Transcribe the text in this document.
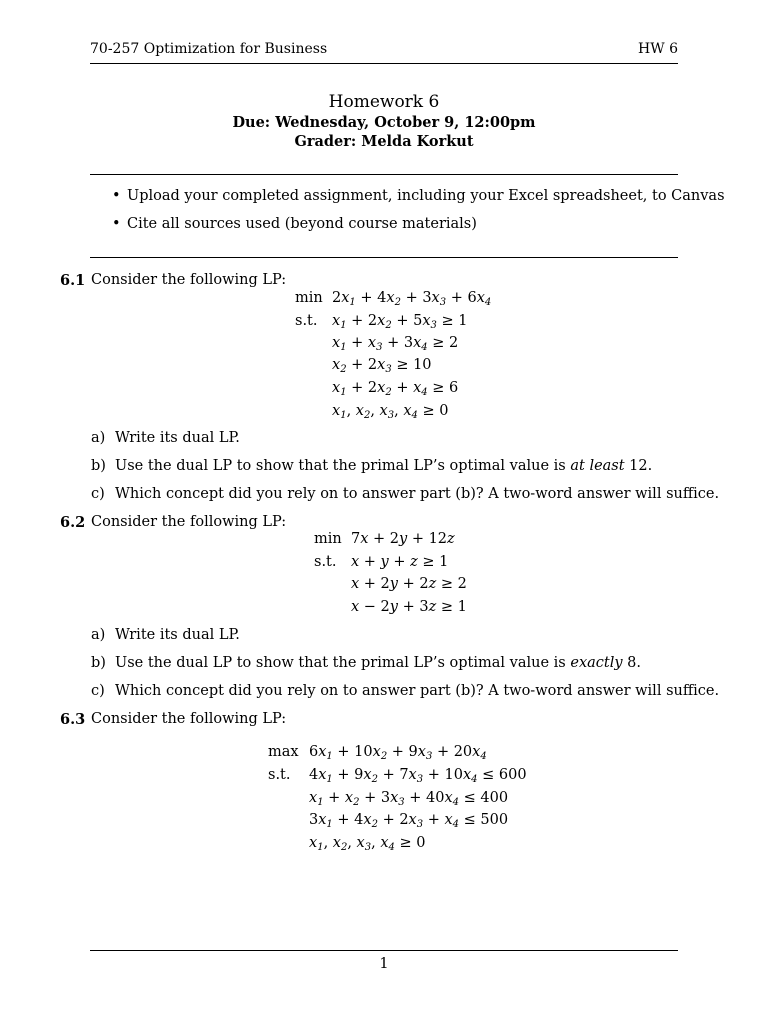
70-257 Optimization for Business	HW 6
Homework 6
Due: Wednesday, October 9, 12:00pm
Grader: Melda Korkut
• Upload your completed assignment, including your Excel spreadsheet, to Canvas
• Cite all sources used (beyond course materials)
6.1 Consider the following LP:
$\min 2x_1 + 4x_2 + 3x_3 + 6x_4$
s.t. $x_1 + 2x_2 + 5x_3 \ge 1$
$x_1 + x_3 + 3x_4 \ge 2$
$x_2 + 2x_3 \ge 10$
$x_1 + 2x_2 + x_4 \ge 6$
$x_1$, $x_2$, $x_3$, $x_4 \ge 0$
a) Write its dual LP.
b) Use the dual LP to show that the primal LP’s optimal value is at least 12.
c) Which concept did you rely on to answer part (b)? A two-word answer will suffice.
6.2 Consider the following LP:
min 7x + 2y + 12z
s.t. x + y + z ≥ 1
x + 2y + 2z ≥ 2
x − 2y + 3z ≥ 1
a) Write its dual LP.
b) Use the dual LP to show that the primal LP’s optimal value is exactly 8.
c) Which concept did you rely on to answer part (b)? A two-word answer will suffice.
6.3 Consider the following LP:
$\max 6x_1 + 10x_2 + 9x_3 + 20x_4$
s.t. $4x_1 + 9x_2 + 7x_3 + 10x_4 \le 600$
$x_1 + x_2 + 3x_3 + 40x_4 \le 400$
$3x_1 + 4x_2 + 2x_3 + x_4 \le 500$
$x_1$, $x_2$, $x_3$, $x_4 \ge 0$
1
